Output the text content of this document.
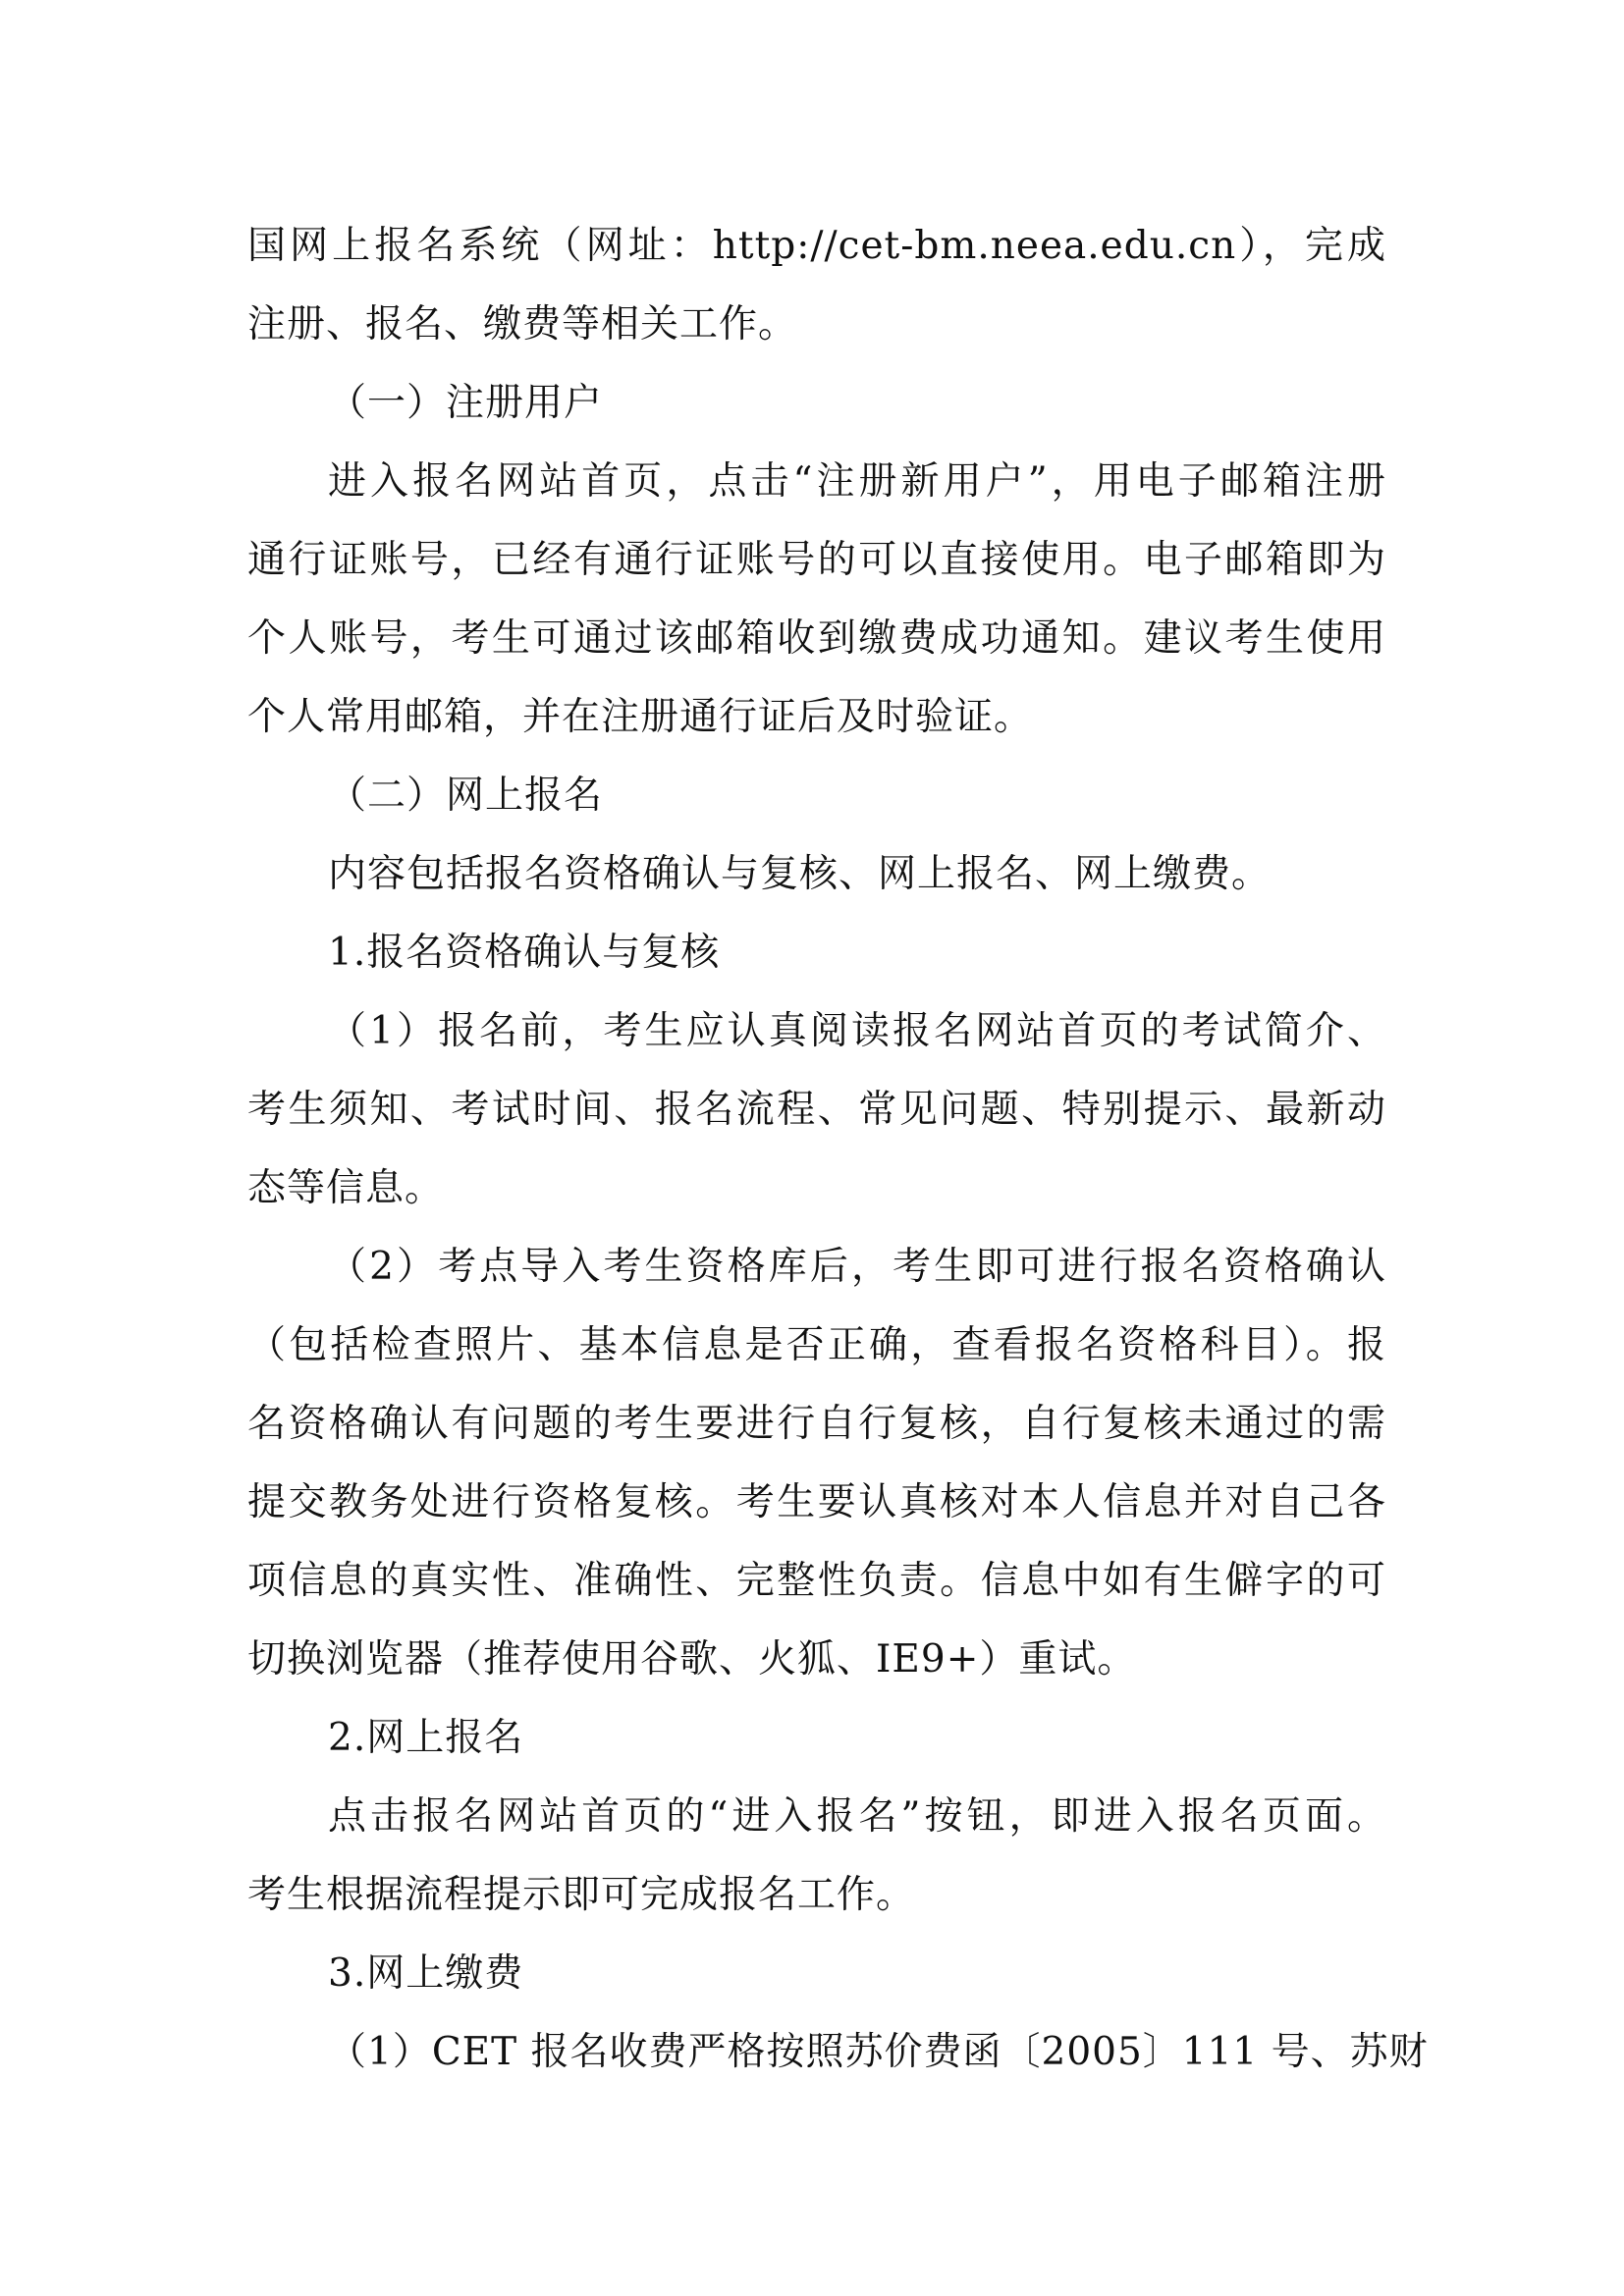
国网上报名系统（网址：http://cet-bm.neea.edu.cn），完成
注册、报名、缴费等相关工作。
（一）注册用户
进入报名网站首页，点击“注册新用户”，用电子邮箱注册
通行证账号，已经有通行证账号的可以直接使用。电子邮箱即为
个人账号，考生可通过该邮箱收到缴费成功通知。建议考生使用
个人常用邮箱，并在注册通行证后及时验证。
（二）网上报名
内容包括报名资格确认与复核、网上报名、网上缴费。
1.报名资格确认与复核
（1）报名前，考生应认真阅读报名网站首页的考试简介、
考生须知、考试时间、报名流程、常见问题、特别提示、最新动
态等信息。
（2）考点导入考生资格库后，考生即可进行报名资格确认
（包括检查照片、基本信息是否正确，查看报名资格科目）。报
名资格确认有问题的考生要进行自行复核，自行复核未通过的需
提交教务处进行资格复核。考生要认真核对本人信息并对自己各
项信息的真实性、准确性、完整性负责。信息中如有生僻字的可
切换浏览器（推荐使用谷歌、火狐、IE9+）重试。
2.网上报名
点击报名网站首页的“进入报名”按钮，即进入报名页面。
考生根据流程提示即可完成报名工作。
3.网上缴费
（1）CET 报名收费严格按照苏价费函〔2005〕111 号、苏财
